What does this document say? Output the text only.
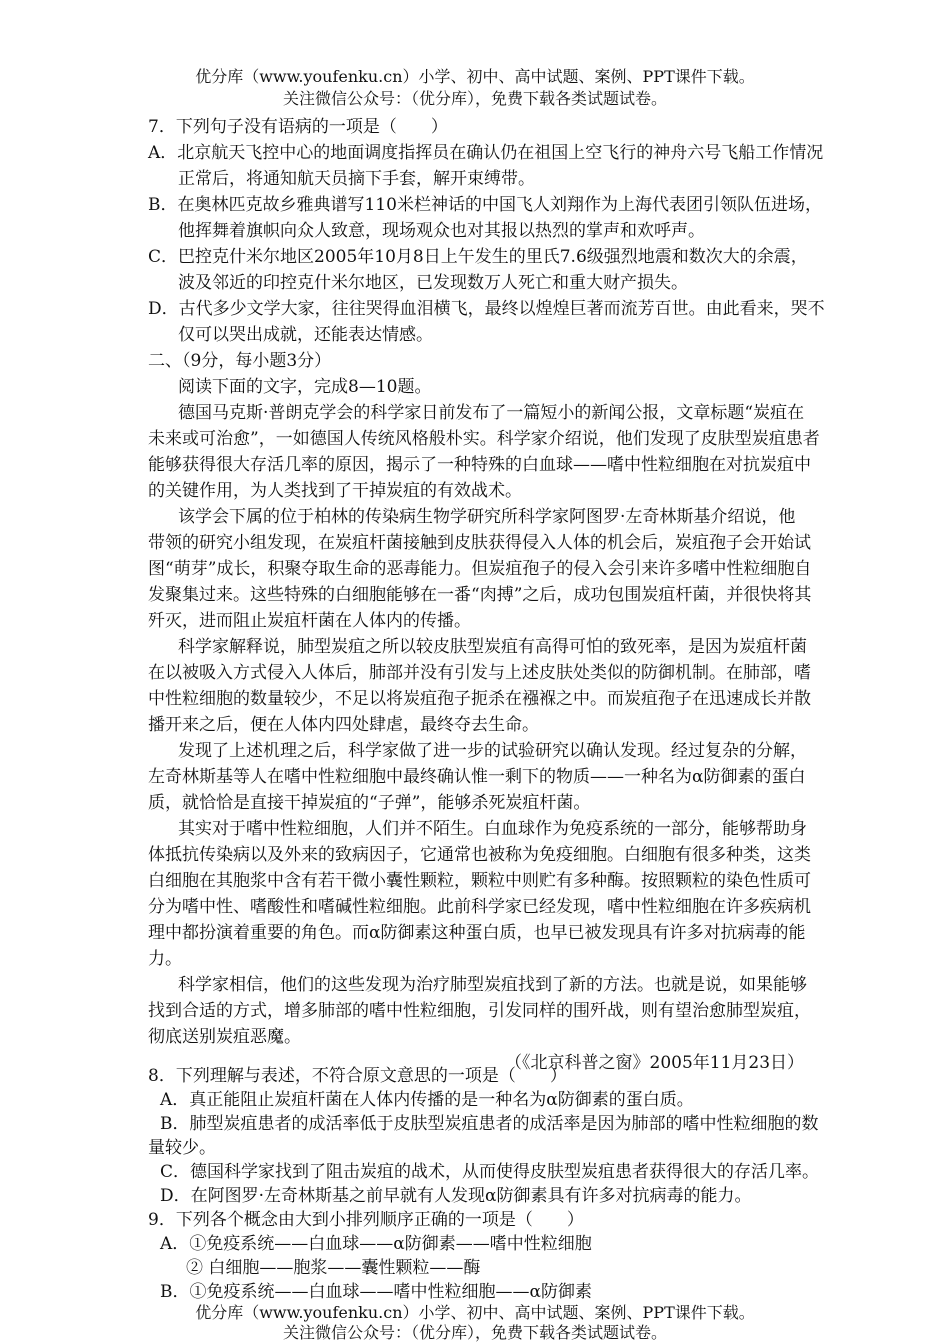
优分库（www.youfenku.cn）小学、初中、高中试题、案例、PPT课件下载。
关注微信公众号：（优分库），免费下载各类试题试卷。
7．下列句子没有语病的一项是（　　）
A．北京航天飞控中心的地面调度指挥员在确认仍在祖国上空飞行的神舟六号飞船工作情况
正常后，将通知航天员摘下手套，解开束缚带。
B．在奥林匹克故乡雅典谱写110米栏神话的中国飞人刘翔作为上海代表团引领队伍进场，
他挥舞着旗帜向众人致意，现场观众也对其报以热烈的掌声和欢呼声。
C．巴控克什米尔地区2005年10月8日上午发生的里氏7.6级强烈地震和数次大的余震，
波及邻近的印控克什米尔地区，已发现数万人死亡和重大财产损失。
D．古代多少文学大家，往往哭得血泪横飞，最终以煌煌巨著而流芳百世。由此看来，哭不
仅可以哭出成就，还能表达情感。
二、（9分，每小题3分）
阅读下面的文字，完成8—10题。
德国马克斯·普朗克学会的科学家日前发布了一篇短小的新闻公报，文章标题“炭疽在
未来或可治愈”，一如德国人传统风格般朴实。科学家介绍说，他们发现了皮肤型炭疽患者
能够获得很大存活几率的原因，揭示了一种特殊的白血球——嗜中性粒细胞在对抗炭疽中
的关键作用，为人类找到了干掉炭疽的有效战术。
该学会下属的位于柏林的传染病生物学研究所科学家阿图罗·左奇林斯基介绍说，他
带领的研究小组发现，在炭疽杆菌接触到皮肤获得侵入人体的机会后，炭疽孢子会开始试
图“萌芽”成长，积聚夺取生命的恶毒能力。但炭疽孢子的侵入会引来许多嗜中性粒细胞自
发聚集过来。这些特殊的白细胞能够在一番“肉搏”之后，成功包围炭疽杆菌，并很快将其
歼灭，进而阻止炭疽杆菌在人体内的传播。
科学家解释说，肺型炭疽之所以较皮肤型炭疽有高得可怕的致死率，是因为炭疽杆菌
在以被吸入方式侵入人体后，肺部并没有引发与上述皮肤处类似的防御机制。在肺部，嗜
中性粒细胞的数量较少，不足以将炭疽孢子扼杀在襁褓之中。而炭疽孢子在迅速成长并散
播开来之后，便在人体内四处肆虐，最终夺去生命。
发现了上述机理之后，科学家做了进一步的试验研究以确认发现。经过复杂的分解，
左奇林斯基等人在嗜中性粒细胞中最终确认惟一剩下的物质——一种名为α防御素的蛋白
质，就恰恰是直接干掉炭疽的“子弹”，能够杀死炭疽杆菌。
其实对于嗜中性粒细胞，人们并不陌生。白血球作为免疫系统的一部分，能够帮助身
体抵抗传染病以及外来的致病因子，它通常也被称为免疫细胞。白细胞有很多种类，这类
白细胞在其胞浆中含有若干微小囊性颗粒，颗粒中则贮有多种酶。按照颗粒的染色性质可
分为嗜中性、嗜酸性和嗜碱性粒细胞。此前科学家已经发现，嗜中性粒细胞在许多疾病机
理中都扮演着重要的角色。而α防御素这种蛋白质，也早已被发现具有许多对抗病毒的能
力。
科学家相信，他们的这些发现为治疗肺型炭疽找到了新的方法。也就是说，如果能够
找到合适的方式，增多肺部的嗜中性粒细胞，引发同样的围歼战，则有望治愈肺型炭疽，
彻底送别炭疽恶魔。
（《北京科普之窗》2005年11月23日）
8．下列理解与表述，不符合原文意思的一项是（　　）
A．真正能阻止炭疽杆菌在人体内传播的是一种名为α防御素的蛋白质。
B．肺型炭疽患者的成活率低于皮肤型炭疽患者的成活率是因为肺部的嗜中性粒细胞的数
量较少。
C．德国科学家找到了阻击炭疽的战术，从而使得皮肤型炭疽患者获得很大的存活几率。
D．在阿图罗·左奇林斯基之前早就有人发现α防御素具有许多对抗病毒的能力。
9．下列各个概念由大到小排列顺序正确的一项是（　　）
A．①免疫系统——白血球——α防御素——嗜中性粒细胞
② 白细胞——胞浆——囊性颗粒——酶
B．①免疫系统——白血球——嗜中性粒细胞——α防御素
优分库（www.youfenku.cn）小学、初中、高中试题、案例、PPT课件下载。
关注微信公众号：（优分库），免费下载各类试题试卷。
